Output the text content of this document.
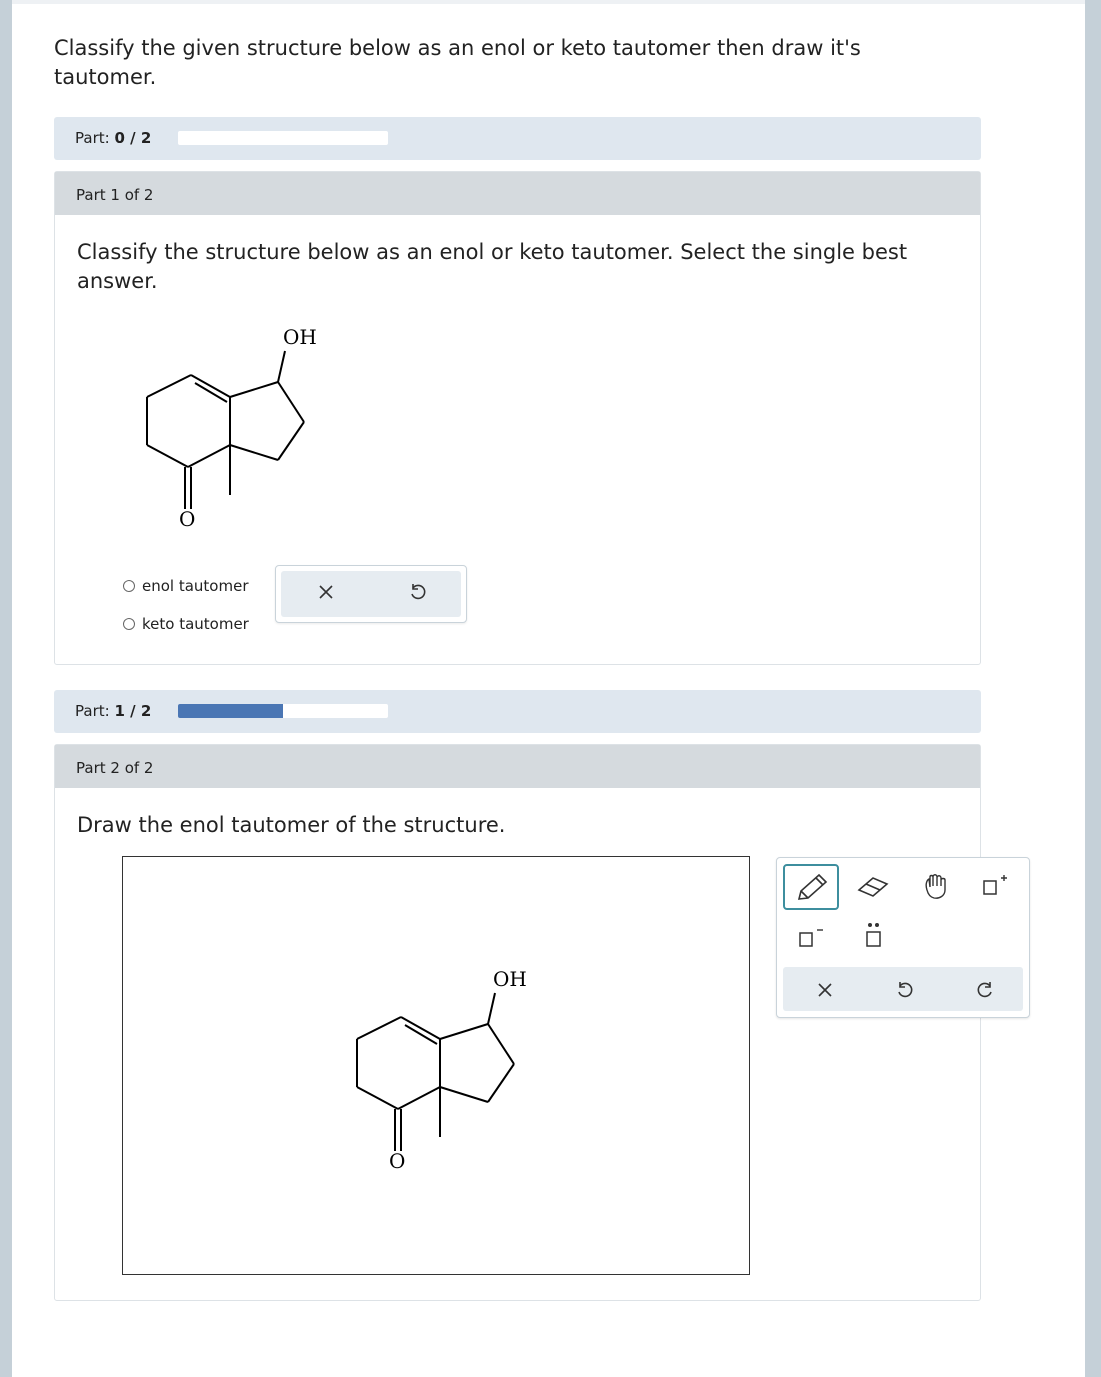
Classify the given structure below as an enol or keto tautomer then draw it's tautomer.
Part: 0 / 2
Part 1 of 2
Classify the structure below as an enol or keto tautomer. Select the single best answer.
OH
O
enol tautomer
keto tautomer
Part: 1 / 2
Part 2 of 2
Draw the enol tautomer of the structure.
OH
O
